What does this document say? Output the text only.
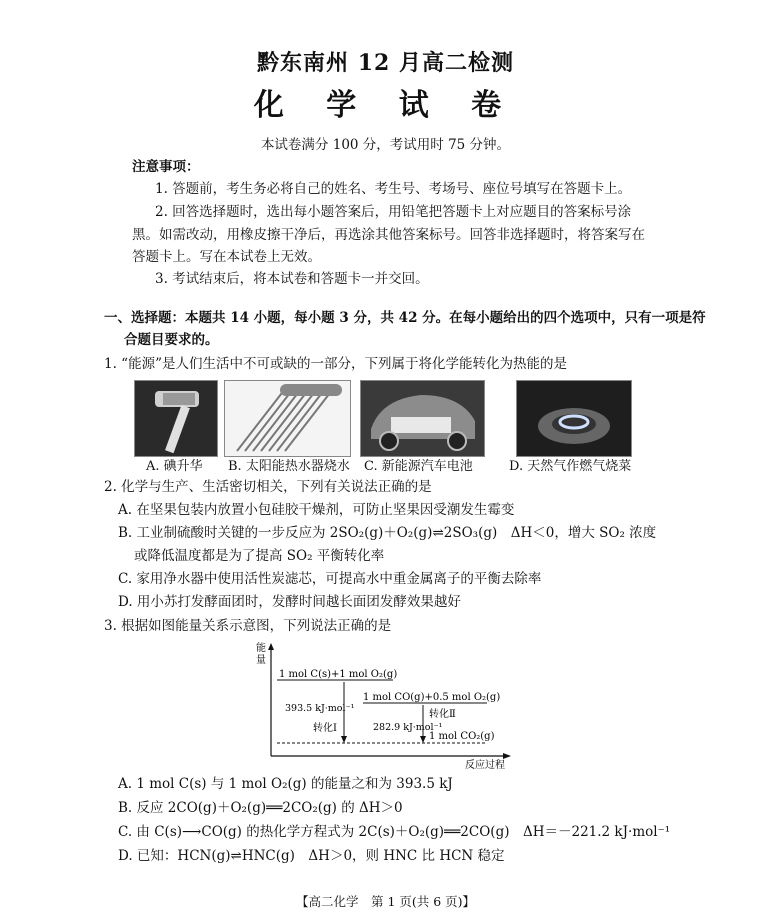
黔东南州 12 月高二检测
化 学 试 卷
本试卷满分 100 分，考试用时 75 分钟。
注意事项：
1. 答题前，考生务必将自己的姓名、考生号、考场号、座位号填写在答题卡上。
2. 回答选择题时，选出每小题答案后，用铅笔把答题卡上对应题目的答案标号涂
黑。如需改动，用橡皮擦干净后，再选涂其他答案标号。回答非选择题时，将答案写在
答题卡上。写在本试卷上无效。
3. 考试结束后，将本试卷和答题卡一并交回。
一、选择题：本题共 14 小题，每小题 3 分，共 42 分。在每小题给出的四个选项中，只有一项是符
合题目要求的。
1. “能源”是人们生活中不可或缺的一部分，下列属于将化学能转化为热能的是
A. 碘升华 B. 太阳能热水器烧水 C. 新能源汽车电池	D. 天然气作燃气烧菜
2. 化学与生产、生活密切相关，下列有关说法正确的是
A. 在坚果包装内放置小包硅胶干燥剂，可防止坚果因受潮发生霉变
B. 工业制硫酸时关键的一步反应为 2SO₂(g)＋O₂(g)⇌2SO₃(g)　ΔH＜0，增大 SO₂ 浓度
或降低温度都是为了提高 SO₂ 平衡转化率
C. 家用净水器中使用活性炭滤芯，可提高水中重金属离子的平衡去除率
D. 用小苏打发酵面团时，发酵时间越长面团发酵效果越好
3. 根据如图能量关系示意图，下列说法正确的是
能
量
反应过程
1 mol C(s)+1 mol O₂(g)
1 mol CO(g)+0.5 mol O₂(g)
1 mol CO₂(g)
393.5 kJ·mol⁻¹
转化Ⅰ
转化Ⅱ
282.9 kJ·mol⁻¹
A. 1 mol C(s) 与 1 mol O₂(g) 的能量之和为 393.5 kJ
B. 反应 2CO(g)＋O₂(g)══2CO₂(g) 的 ΔH＞0
C. 由 C(s)⟶CO(g) 的热化学方程式为 2C(s)＋O₂(g)══2CO(g)　ΔH＝－221.2 kJ·mol⁻¹
D. 已知：HCN(g)⇌HNC(g)　ΔH＞0，则 HNC 比 HCN 稳定
【高二化学　第 1 页(共 6 页)】
